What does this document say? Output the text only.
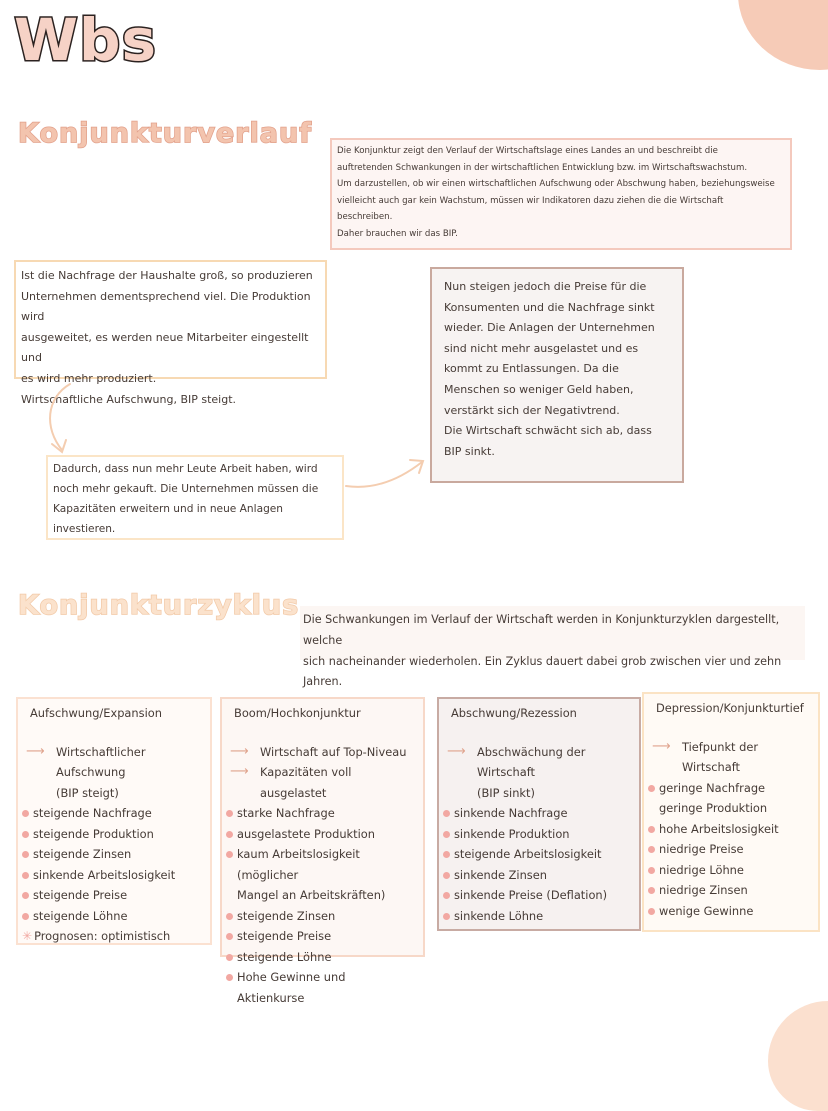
Wbs
Konjunkturverlauf
Die Konjunktur zeigt den Verlauf der Wirtschaftslage eines Landes an und beschreibt die
auftretenden Schwankungen in der wirtschaftlichen Entwicklung bzw. im Wirtschaftswachstum.
Um darzustellen, ob wir einen wirtschaftlichen Aufschwung oder Abschwung haben, beziehungsweise
vielleicht auch gar kein Wachstum, müssen wir Indikatoren dazu ziehen die die Wirtschaft
beschreiben.
Daher brauchen wir das BIP.
Ist die Nachfrage der Haushalte groß, so produzieren
Unternehmen dementsprechend viel. Die Produktion wird
ausgeweitet, es werden neue Mitarbeiter eingestellt und
es wird mehr produziert.
Wirtschaftliche Aufschwung, BIP steigt.
Dadurch, dass nun mehr Leute Arbeit haben, wird
noch mehr gekauft. Die Unternehmen müssen die
Kapazitäten erweitern und in neue Anlagen
investieren.
Nun steigen jedoch die Preise für die
Konsumenten und die Nachfrage sinkt
wieder. Die Anlagen der Unternehmen
sind nicht mehr ausgelastet und es
kommt zu Entlassungen. Da die
Menschen so weniger Geld haben,
verstärkt sich der Negativtrend.
Die Wirtschaft schwächt sich ab, dass
BIP sinkt.
Konjunkturzyklus Die Schwankungen im Verlauf der Wirtschaft werden in Konjunkturzyklen dargestellt, welche
sich nacheinander wiederholen. Ein Zyklus dauert dabei grob zwischen vier und zehn Jahren.
Aufschwung/Expansion
⟶ Wirtschaftlicher Aufschwung
(BIP steigt)
steigende Nachfrage
steigende Produktion
steigende Zinsen
sinkende Arbeitslosigkeit
steigende Preise
steigende Löhne
✳ Prognosen: optimistisch
Boom/Hochkonjunktur
⟶ Wirtschaft auf Top-Niveau
⟶ Kapazitäten voll ausgelastet
starke Nachfrage
ausgelastete Produktion
kaum Arbeitslosigkeit (möglicher
Mangel an Arbeitskräften)
steigende Zinsen
steigende Preise
steigende Löhne
Hohe Gewinne und Aktienkurse
Abschwung/Rezession
⟶ Abschwächung der Wirtschaft
(BIP sinkt)
sinkende Nachfrage
sinkende Produktion
steigende Arbeitslosigkeit
sinkende Zinsen
sinkende Preise (Deflation)
sinkende Löhne
Depression/Konjunkturtief
⟶ Tiefpunkt der Wirtschaft
geringe Nachfrage
geringe Produktion
hohe Arbeitslosigkeit
niedrige Preise
niedrige Löhne
niedrige Zinsen
wenige Gewinne
